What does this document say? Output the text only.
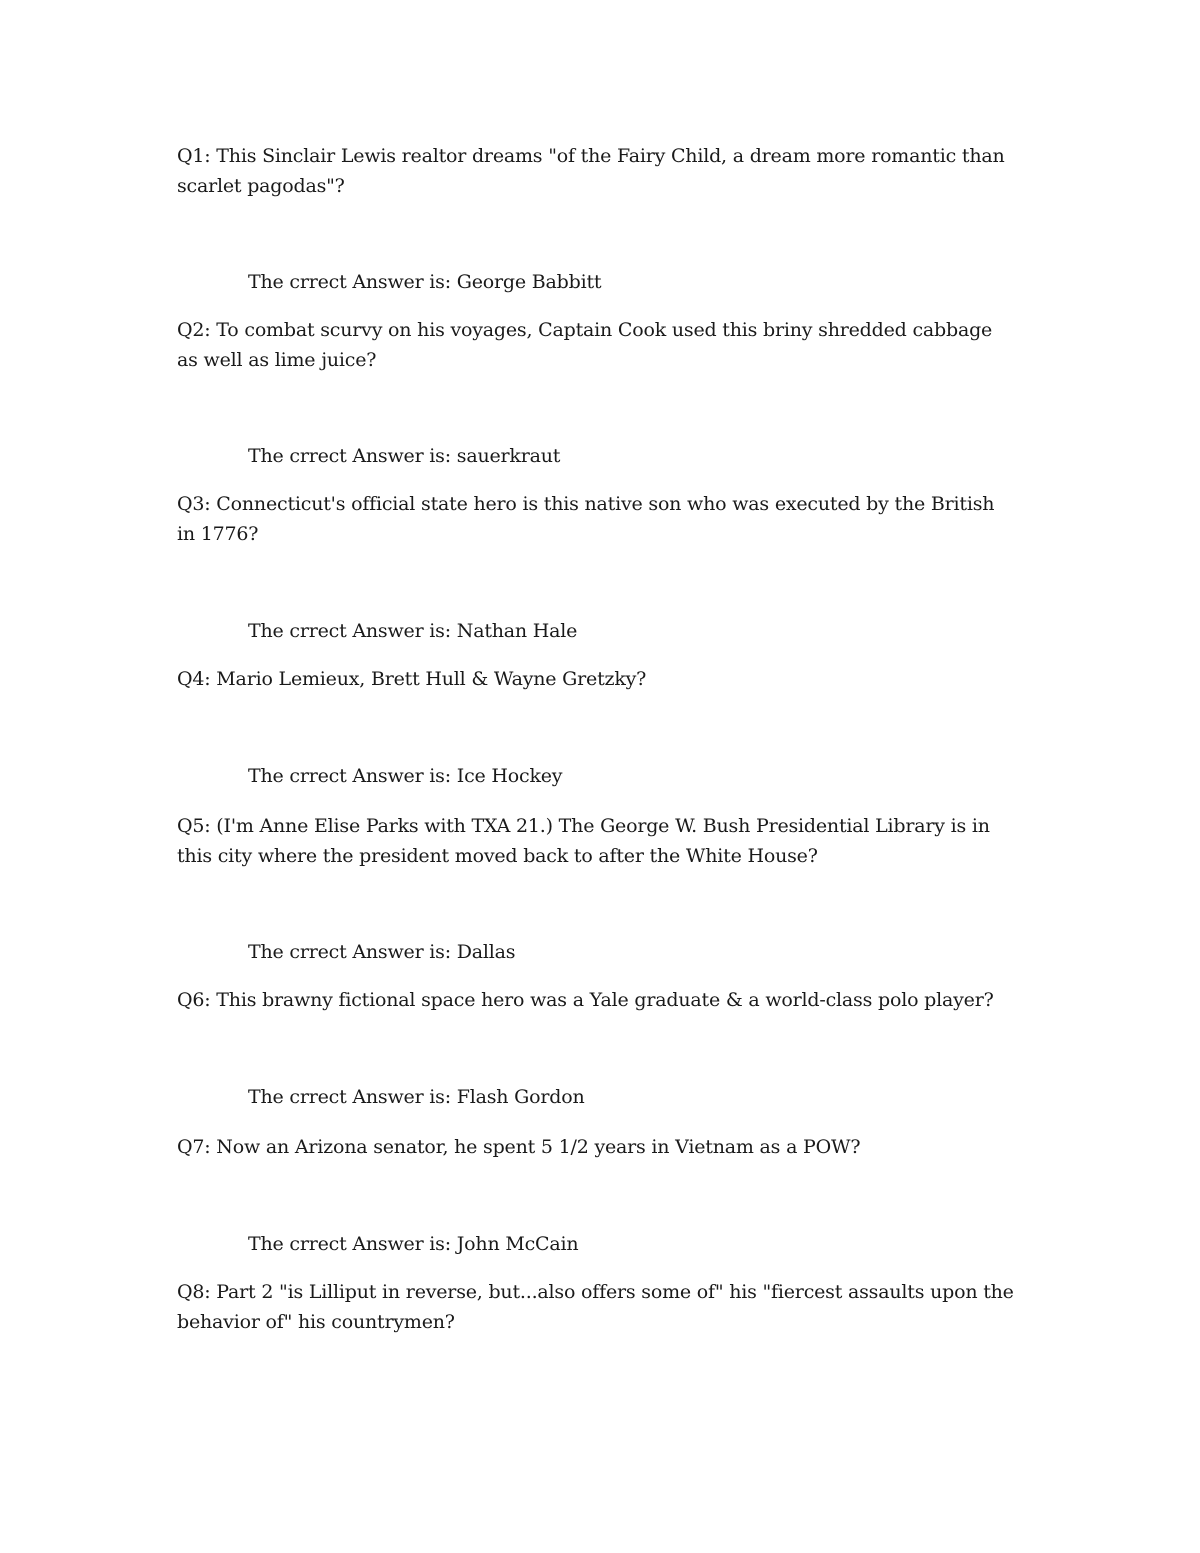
Q1: This Sinclair Lewis realtor dreams "of the Fairy Child, a dream more romantic than scarlet pagodas"?

The crrect Answer is: George Babbitt

Q2: To combat scurvy on his voyages, Captain Cook used this briny shredded cabbage as well as lime juice?

The crrect Answer is: sauerkraut

Q3: Connecticut's official state hero is this native son who was executed by the British in 1776?

The crrect Answer is: Nathan Hale

Q4: Mario Lemieux, Brett Hull & Wayne Gretzky?

The crrect Answer is: Ice Hockey

Q5: (I'm Anne Elise Parks with TXA 21.) The George W. Bush Presidential Library is in this city where the president moved back to after the White House?

The crrect Answer is: Dallas

Q6: This brawny fictional space hero was a Yale graduate & a world-class polo player?

The crrect Answer is: Flash Gordon

Q7: Now an Arizona senator, he spent 5 1/2 years in Vietnam as a POW?

The crrect Answer is: John McCain

Q8: Part 2 "is Lilliput in reverse, but...also offers some of" his "fiercest assaults upon the behavior of" his countrymen?
